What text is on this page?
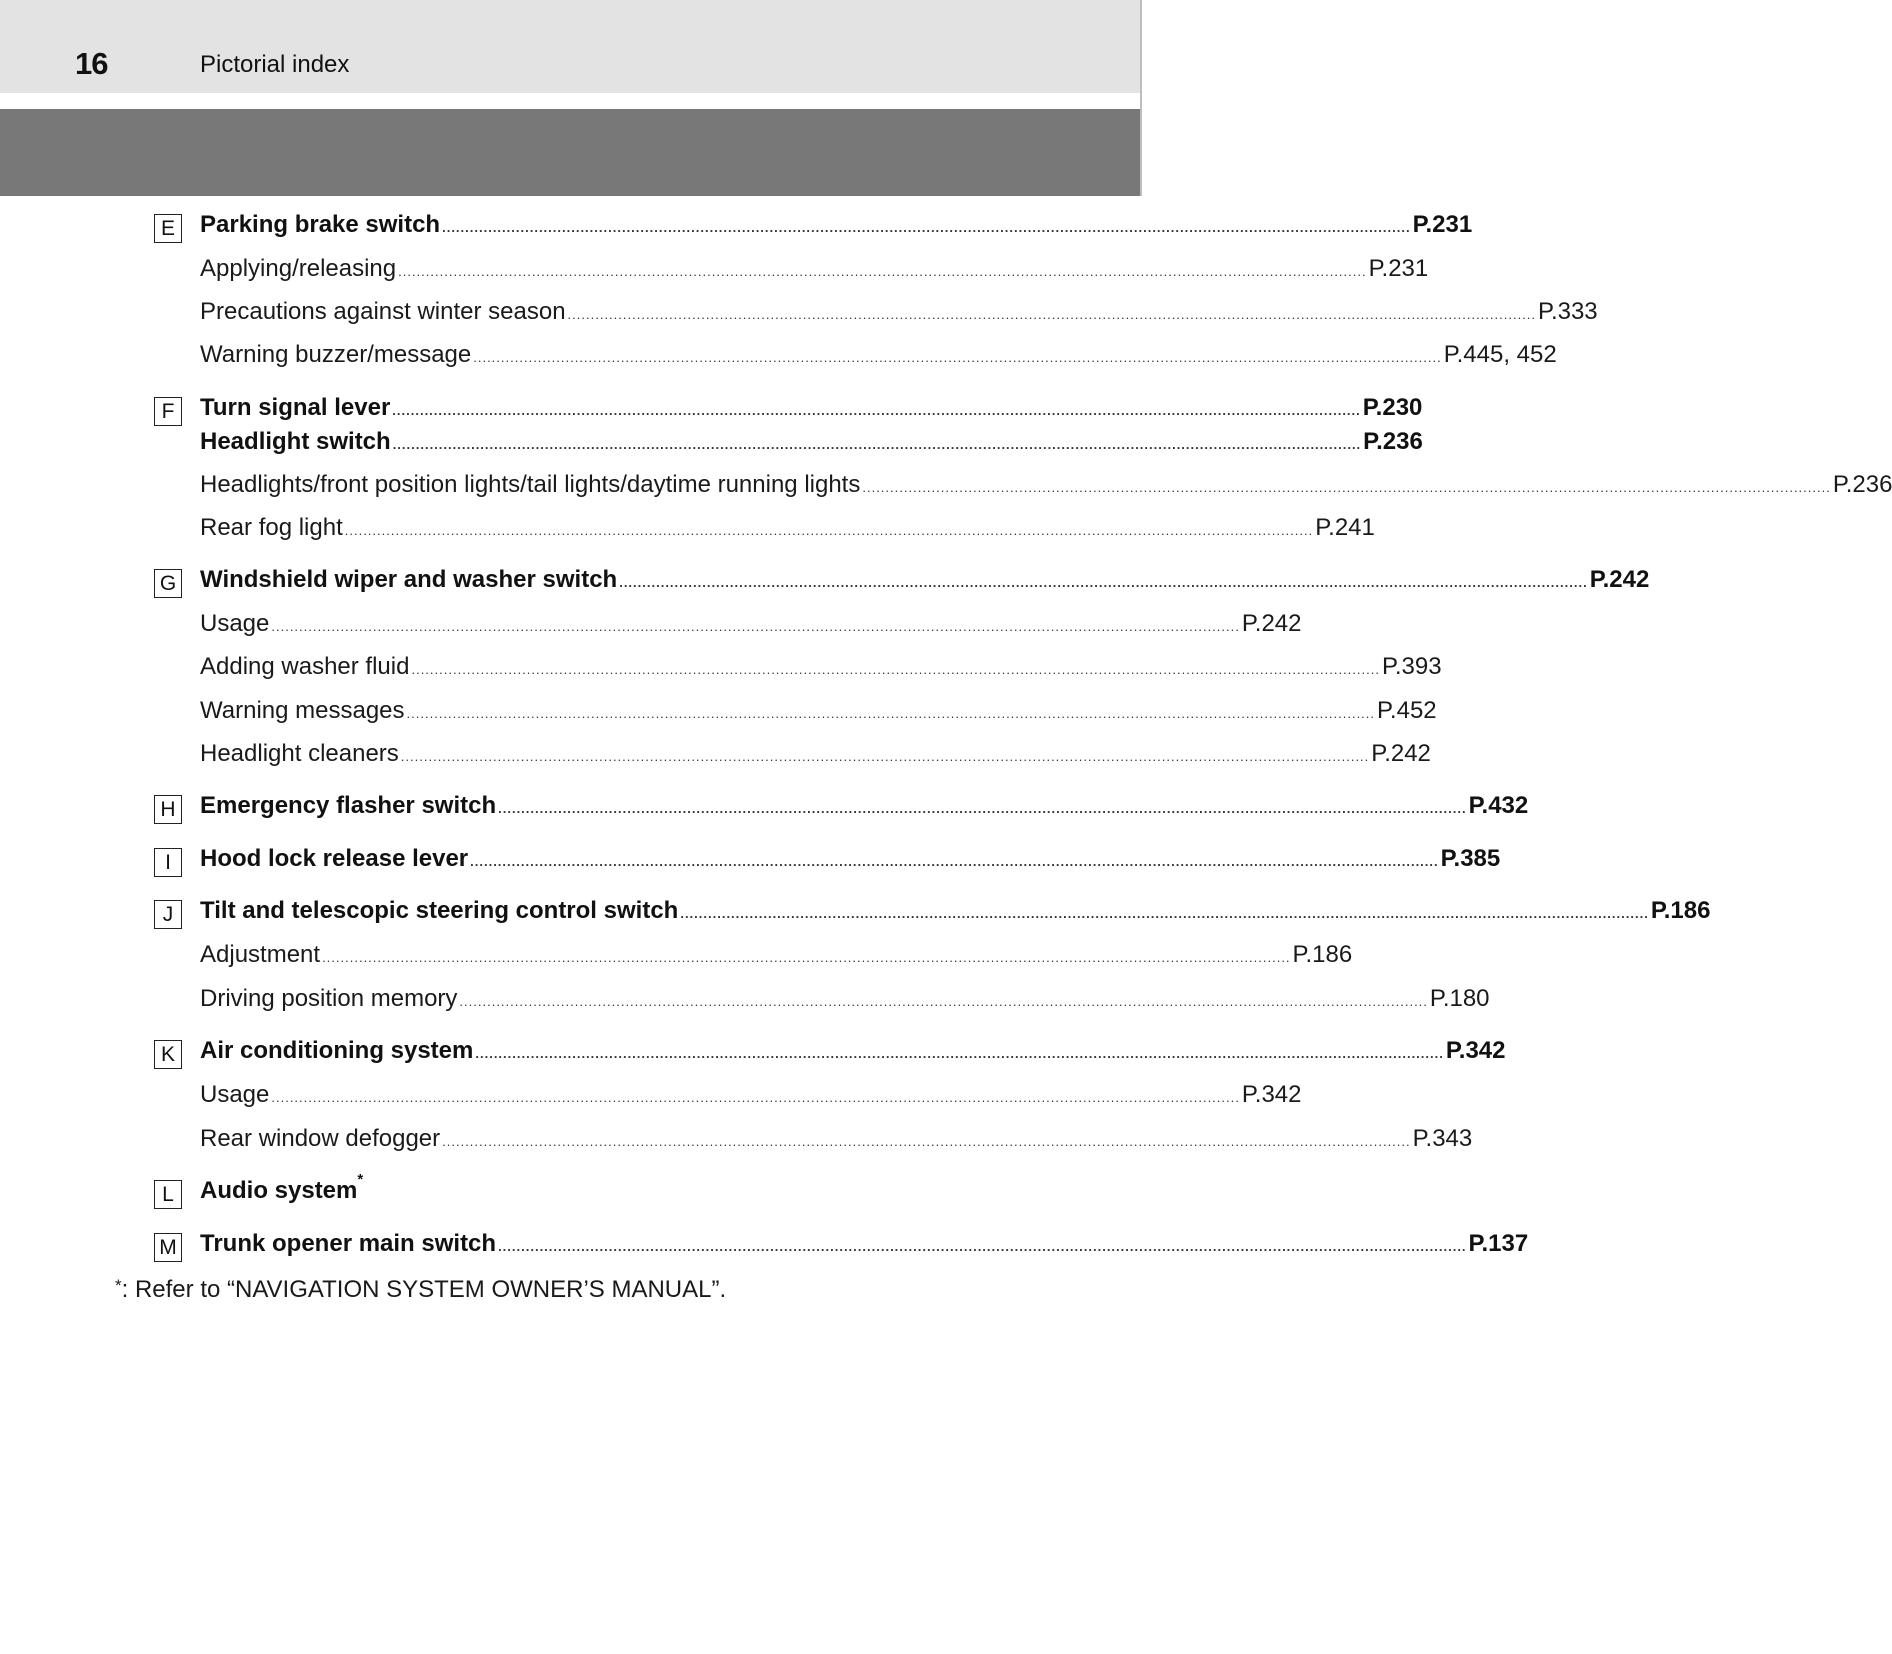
16	Pictorial index
E Parking brake switch .................................................................................................................................................................................................................. P.231
Applying/releasing .................................................................................................................................................................................................................. P.231
Precautions against winter season .................................................................................................................................................................................................................. P.333
Warning buzzer/message .................................................................................................................................................................................................................. P.445, 452
F	Turn signal lever .................................................................................................................................................................................................................. P.230
Headlight switch .................................................................................................................................................................................................................. P.236
Headlights/front position lights/tail lights/daytime running lights .................................................................................................................................................................................................................. P.236
Rear fog light .................................................................................................................................................................................................................. P.241
G Windshield wiper and washer switch .................................................................................................................................................................................................................. P.242
Usage .................................................................................................................................................................................................................. P.242
Adding washer fluid .................................................................................................................................................................................................................. P.393
Warning messages .................................................................................................................................................................................................................. P.452
Headlight cleaners .................................................................................................................................................................................................................. P.242
H Emergency flasher switch .................................................................................................................................................................................................................. P.432
I	Hood lock release lever .................................................................................................................................................................................................................. P.385
J	Tilt and telescopic steering control switch .................................................................................................................................................................................................................. P.186
Adjustment .................................................................................................................................................................................................................. P.186
Driving position memory .................................................................................................................................................................................................................. P.180
K Air conditioning system .................................................................................................................................................................................................................. P.342
Usage .................................................................................................................................................................................................................. P.342
Rear window defogger .................................................................................................................................................................................................................. P.343
L	Audio system*
M Trunk opener main switch .................................................................................................................................................................................................................. P.137
*: Refer to “NAVIGATION SYSTEM OWNER’S MANUAL”.
